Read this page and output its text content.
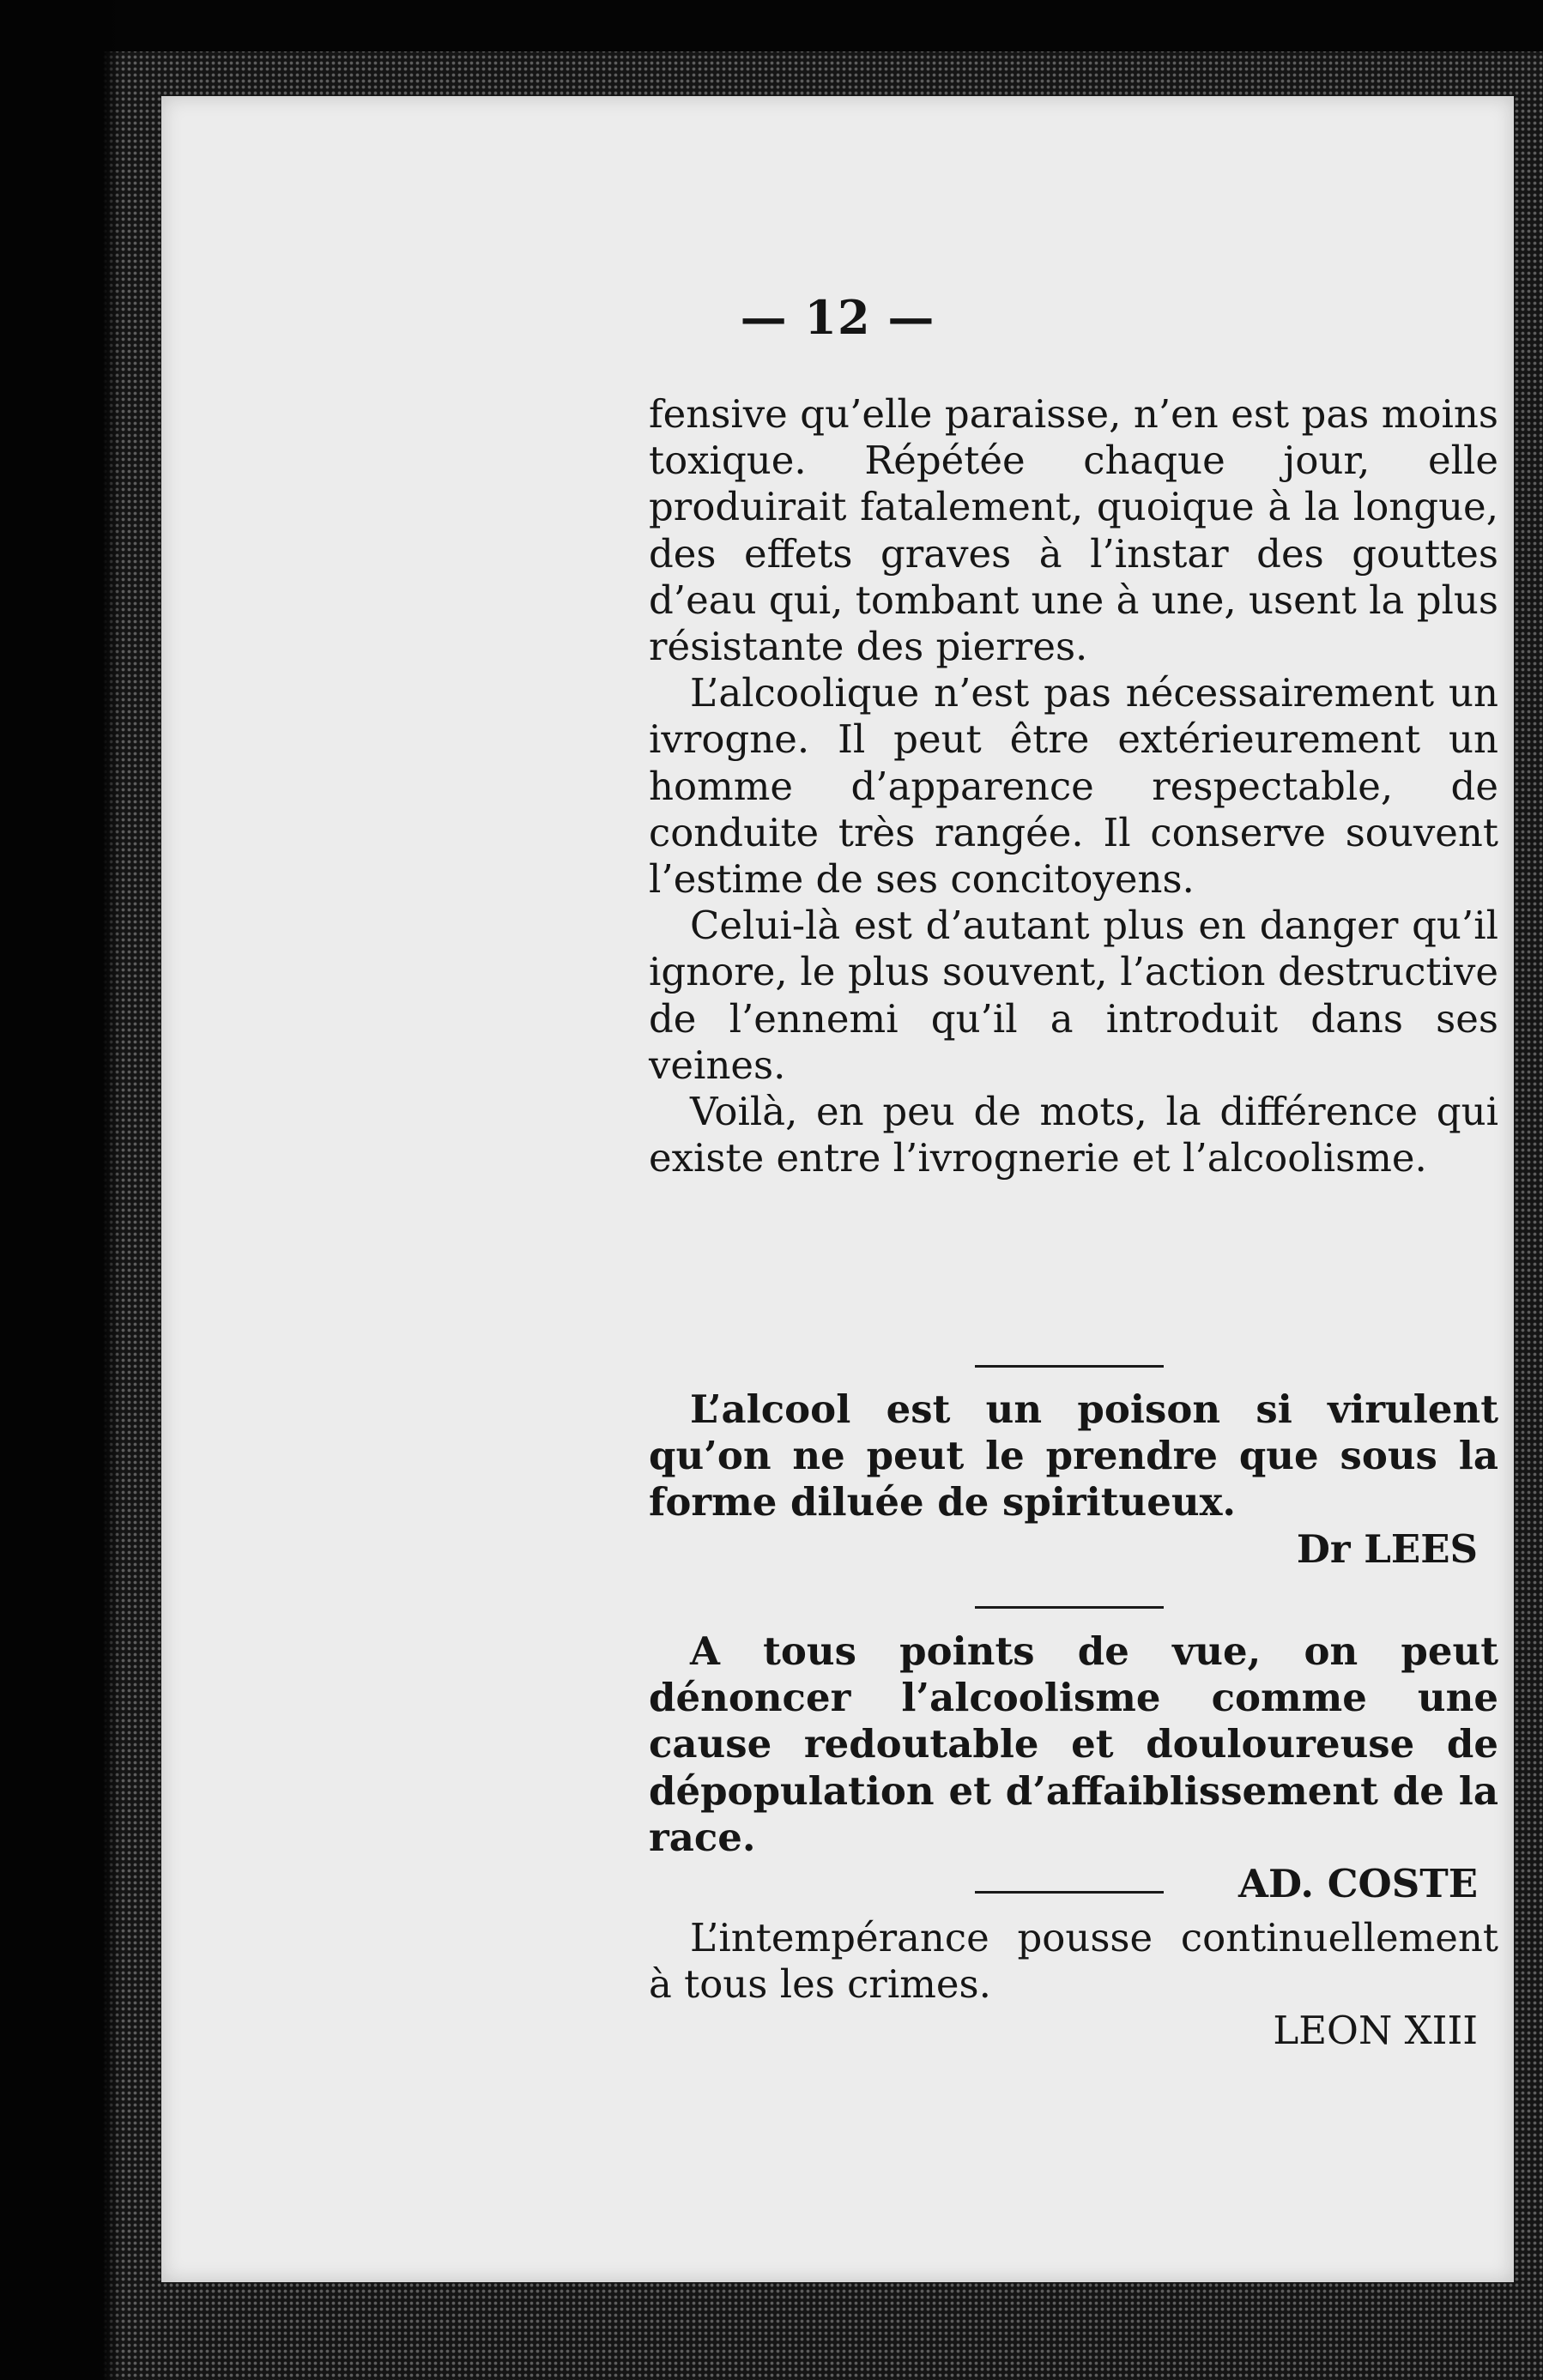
— 12 —

fensive qu’elle paraisse, n’en est pas moins toxique. Répétée chaque jour, elle produirait fatalement, quoique à la longue, des effets graves à l’instar des gouttes d’eau qui, tombant une à une, usent la plus résistante des pierres.

L’alcoolique n’est pas nécessairement un ivrogne. Il peut être extérieurement un homme d’apparence respectable, de conduite très rangée. Il conserve souvent l’estime de ses concitoyens.

Celui-là est d’autant plus en danger qu’il ignore, le plus souvent, l’action destructive de l’ennemi qu’il a introduit dans ses veines.

Voilà, en peu de mots, la différence qui existe entre l’ivrognerie et l’alcoolisme.

L’alcool est un poison si virulent qu’on ne peut le prendre que sous la forme diluée de spiritueux.

Dr LEES

A tous points de vue, on peut dénoncer l’alcoolisme comme une cause redoutable et douloureuse de dépopulation et d’affaiblissement de la race.

AD. COSTE

L’intempérance pousse continuellement à tous les crimes.

LEON XIII
